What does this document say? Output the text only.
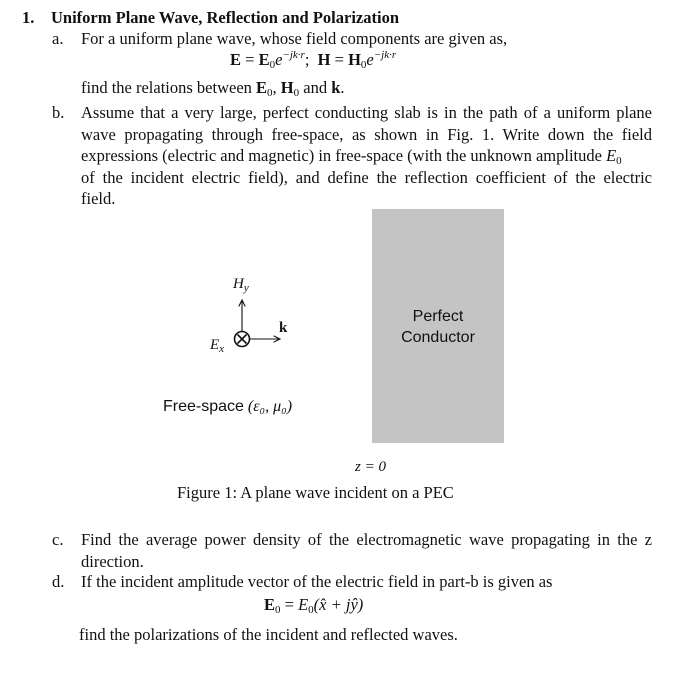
1. Uniform Plane Wave, Reflection and Polarization
a. For a uniform plane wave, whose field components are given as,
$E = E_0e^{-jk\cdot r}$; $H = H_0e^{-jk\cdot r}$
find the relations between $E_0$, $H_0$ and k.
b. Assume that a very large, perfect conducting slab is in the path of a uniform plane
wave propagating through free-space, as shown in Fig. 1. Write down the field
expressions (electric and magnetic) in free-space (with the unknown amplitude $E_0$
of the incident electric field), and define the reflection coefficient of the electric
field.
Perfect
Conductor
$H_y$
k
$E_x$
Free-space (ε₀, μ₀)
z = 0
Figure 1: A plane wave incident on a PEC
c. Find the average power density of the electromagnetic wave propagating in the z
direction.
d. If the incident amplitude vector of the electric field in part-b is given as
$E_0$ = $E_0(x̂$ + jŷ)
find the polarizations of the incident and reflected waves.
